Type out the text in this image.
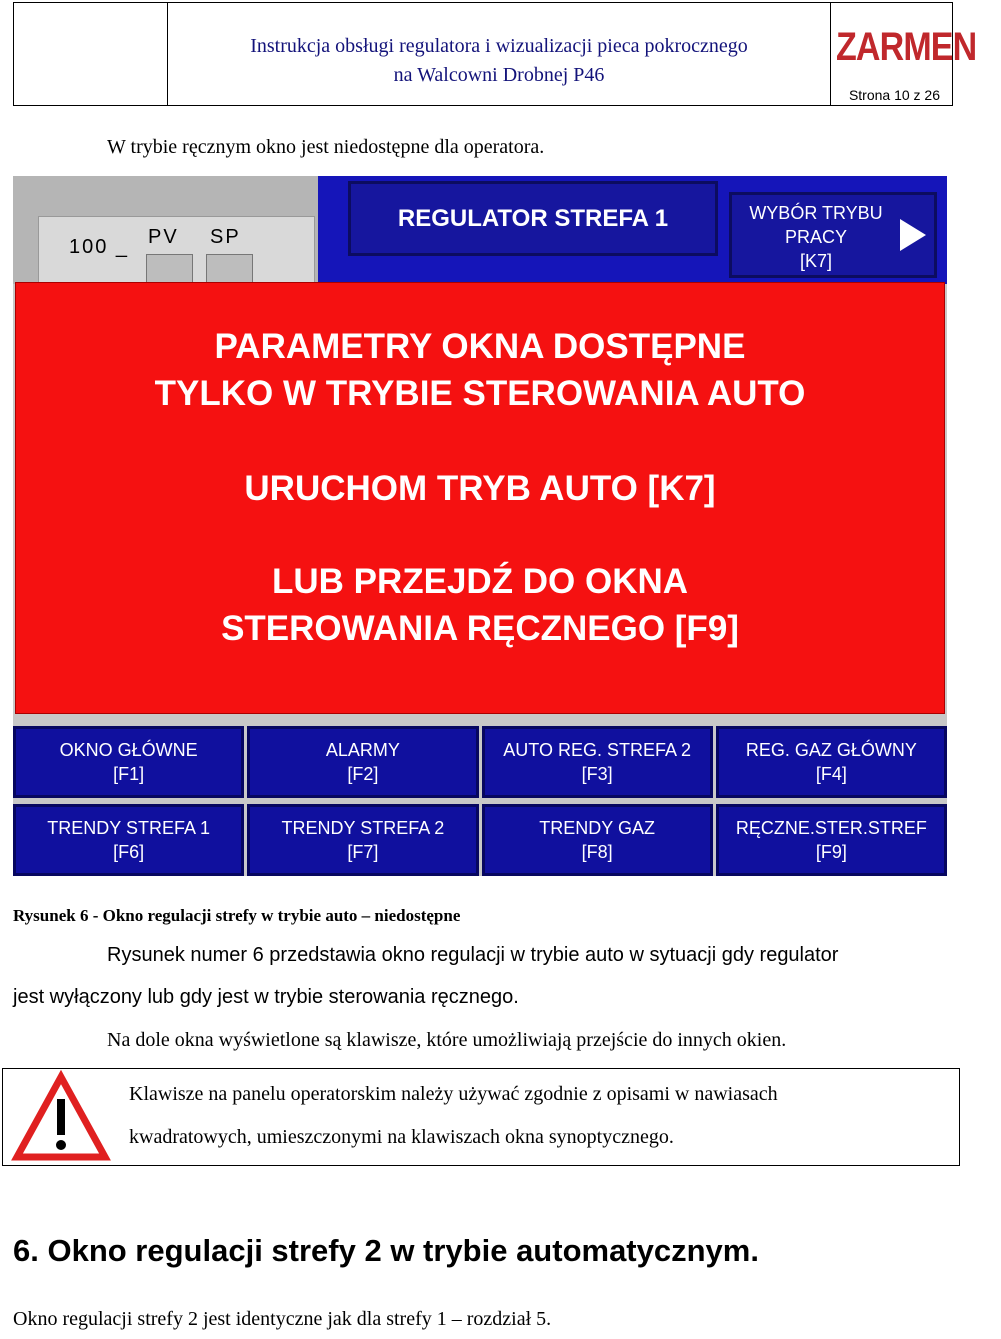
Instrukcja obsługi regulatora i wizualizacji pieca pokrocznego
na Walcowni Drobnej P46
ZARMEN
Strona 10 z 26
W trybie ręcznym okno jest niedostępne dla operatora.
100 _ PV SP
REGULATOR STREFA 1	WYBÓR TRYBU
PRACY
[K7]
PARAMETRY OKNA DOSTĘPNE
TYLKO W TRYBIE STEROWANIA AUTO
URUCHOM TRYB AUTO [K7]
LUB PRZEJDŹ DO OKNA
STEROWANIA RĘCZNEGO [F9]
OKNO GŁÓWNE
[F1]
ALARMY
[F2]
AUTO REG. STREFA 2
[F3]
REG. GAZ GŁÓWNY
[F4]
TRENDY STREFA 1
[F6]
TRENDY STREFA 2
[F7]
TRENDY GAZ
[F8]
RĘCZNE.STER.STREF
[F9]
Rysunek 6 - Okno regulacji strefy w trybie auto – niedostępne
Rysunek numer 6 przedstawia okno regulacji w trybie auto w sytuacji gdy regulator
jest wyłączony lub gdy jest w trybie sterowania ręcznego.
Na dole okna wyświetlone są klawisze, które umożliwiają przejście do innych okien.
Klawisze na panelu operatorskim należy używać zgodnie z opisami w nawiasach
kwadratowych, umieszczonymi na klawiszach okna synoptycznego.
6. Okno regulacji strefy 2 w trybie automatycznym.
Okno regulacji strefy 2 jest identyczne jak dla strefy 1 – rozdział 5.
